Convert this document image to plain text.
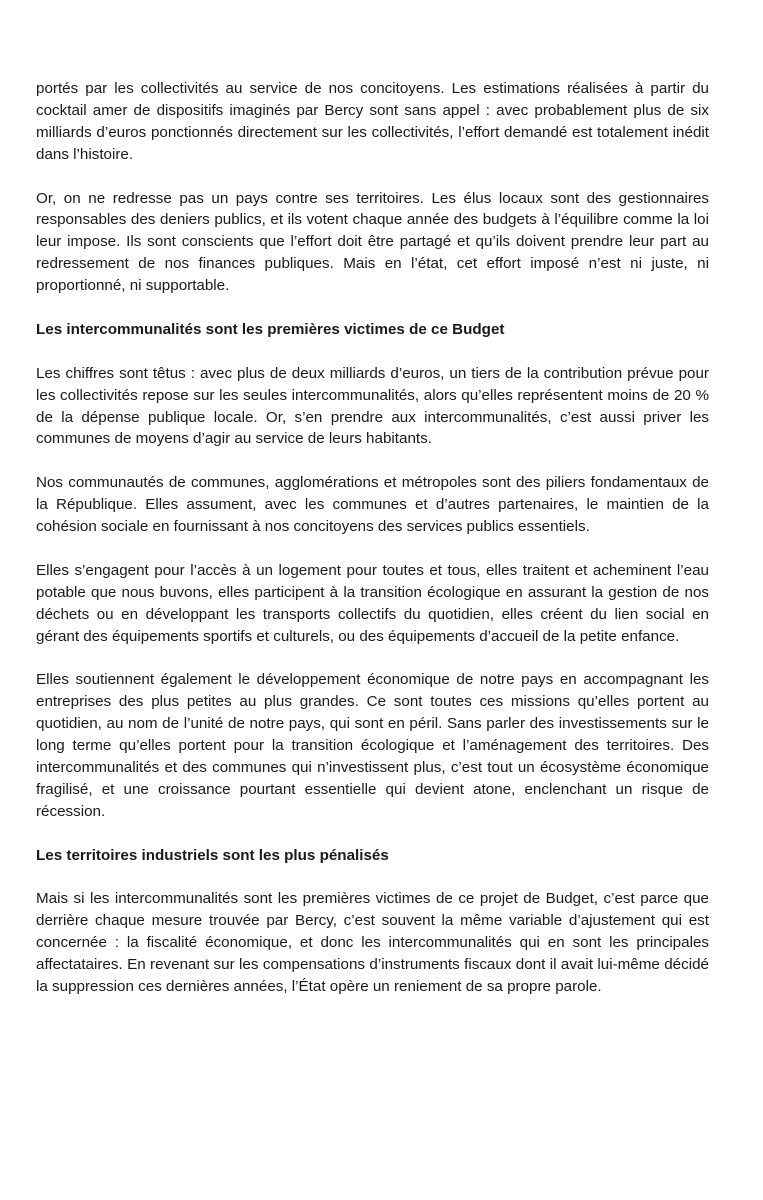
portés par les collectivités au service de nos concitoyens. Les estimations réalisées à partir du cocktail amer de dispositifs imaginés par Bercy sont sans appel : avec probablement plus de six milliards d’euros ponctionnés directement sur les collectivités, l’effort demandé est totalement inédit dans l’histoire.

Or, on ne redresse pas un pays contre ses territoires. Les élus locaux sont des gestionnaires responsables des deniers publics, et ils votent chaque année des budgets à l’équilibre comme la loi leur impose. Ils sont conscients que l’effort doit être partagé et qu’ils doivent prendre leur part au redressement de nos finances publiques. Mais en l’état, cet effort imposé n’est ni juste, ni proportionné, ni supportable.

Les intercommunalités sont les premières victimes de ce Budget

Les chiffres sont têtus : avec plus de deux milliards d’euros, un tiers de la contribution prévue pour les collectivités repose sur les seules intercommunalités, alors qu’elles représentent moins de 20 % de la dépense publique locale. Or, s’en prendre aux intercommunalités, c’est aussi priver les communes de moyens d’agir au service de leurs habitants.

Nos communautés de communes, agglomérations et métropoles sont des piliers fondamentaux de la République. Elles assument, avec les communes et d’autres partenaires, le maintien de la cohésion sociale en fournissant à nos concitoyens des services publics essentiels.

Elles s’engagent pour l’accès à un logement pour toutes et tous, elles traitent et acheminent l’eau potable que nous buvons, elles participent à la transition écologique en assurant la gestion de nos déchets ou en développant les transports collectifs du quotidien, elles créent du lien social en gérant des équipements sportifs et culturels, ou des équipements d’accueil de la petite enfance.

Elles soutiennent également le développement économique de notre pays en accompagnant les entreprises des plus petites au plus grandes. Ce sont toutes ces missions qu’elles portent au quotidien, au nom de l’unité de notre pays, qui sont en péril. Sans parler des investissements sur le long terme qu’elles portent pour la transition écologique et l’aménagement des territoires. Des intercommunalités et des communes qui n’investissent plus, c’est tout un écosystème économique fragilisé, et une croissance pourtant essentielle qui devient atone, enclenchant un risque de récession.

Les territoires industriels sont les plus pénalisés

Mais si les intercommunalités sont les premières victimes de ce projet de Budget, c’est parce que derrière chaque mesure trouvée par Bercy, c’est souvent la même variable d’ajustement qui est concernée : la fiscalité économique, et donc les intercommunalités qui en sont les principales affectataires. En revenant sur les compensations d’instruments fiscaux dont il avait lui-même décidé la suppression ces dernières années, l’État opère un reniement de sa propre parole.
